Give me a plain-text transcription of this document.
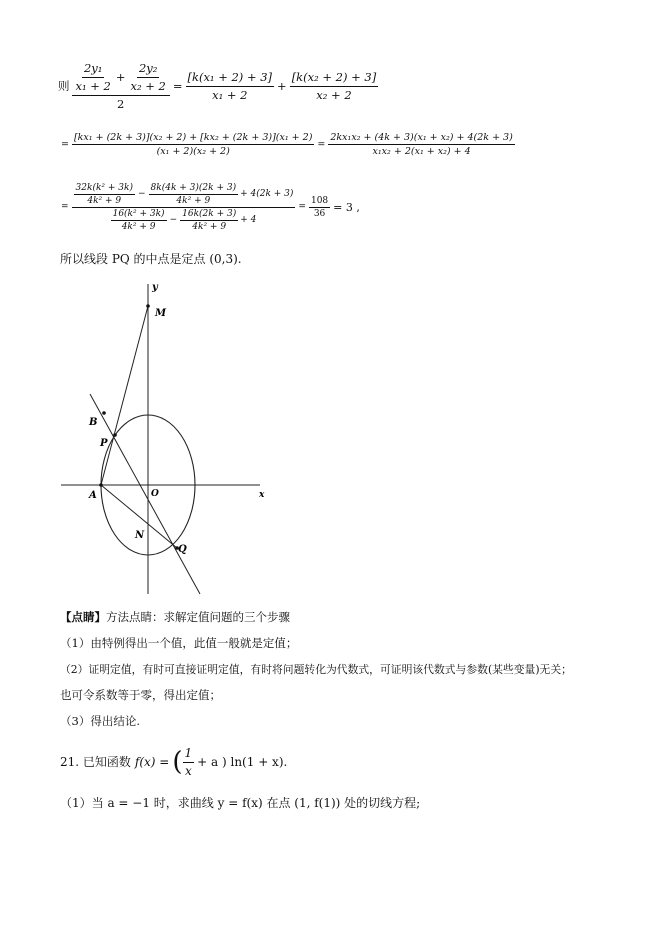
则 $\frac{\text{2y₁}}{\text{x₁ + 2}} + \frac{\text{2y₂}}{\text{x₂ + 2}}$
2
= $\frac{\text{[k(x₁ + 2) + 3]}}{\text{x₁ + 2}} + \frac{\text{[k(x₂ + 2) + 3]}}{\text{x₂ + 2}}$
= $\frac{\text{[kx₁ + (2k + 3)](x₂ + 2) + [kx₂ + (2k + 3)](x₁ + 2)}}{\text{(x₁ + 2)(x₂ + 2)}} = \frac{\text{2kx₁x₂ + (4k + 3)(x₁ + x₂) + 4(2k + 3)}}{\text{x₁x₂ + 2(x₁ + x₂) + 4}}$
=
$\frac{\text{32k(k² + 3k)}}{\text{4k² + 9}} - \frac{8k(4k + 3)(2k + 3)}{\text{4k² + 9}} + 4(2k + 3)$
$\frac{\text{16(k² + 3k)}}{\text{4k² + 9}} - \frac{16k(2k + 3)}{\text{4k² + 9}} + 4$
= $\frac{108}{36} = 3$ ,
所以线段 PQ 的中点是定点 (0,3).
y
M
B
P
A	O	x
N
Q
【点睛】方法点睛：求解定值问题的三个步骤
（1）由特例得出一个值，此值一般就是定值；
（2）证明定值，有时可直接证明定值，有时将问题转化为代数式，可证明该代数式与参数(某些变量)无关；
也可令系数等于零，得出定值；
（3）得出结论.
21. 已知函数 f(x) = ( $\frac{1}{x} + a$ ) ln(1 + x).
（1）当 a = −1 时，求曲线 y = f(x) 在点 (1, f(1)) 处的切线方程;
